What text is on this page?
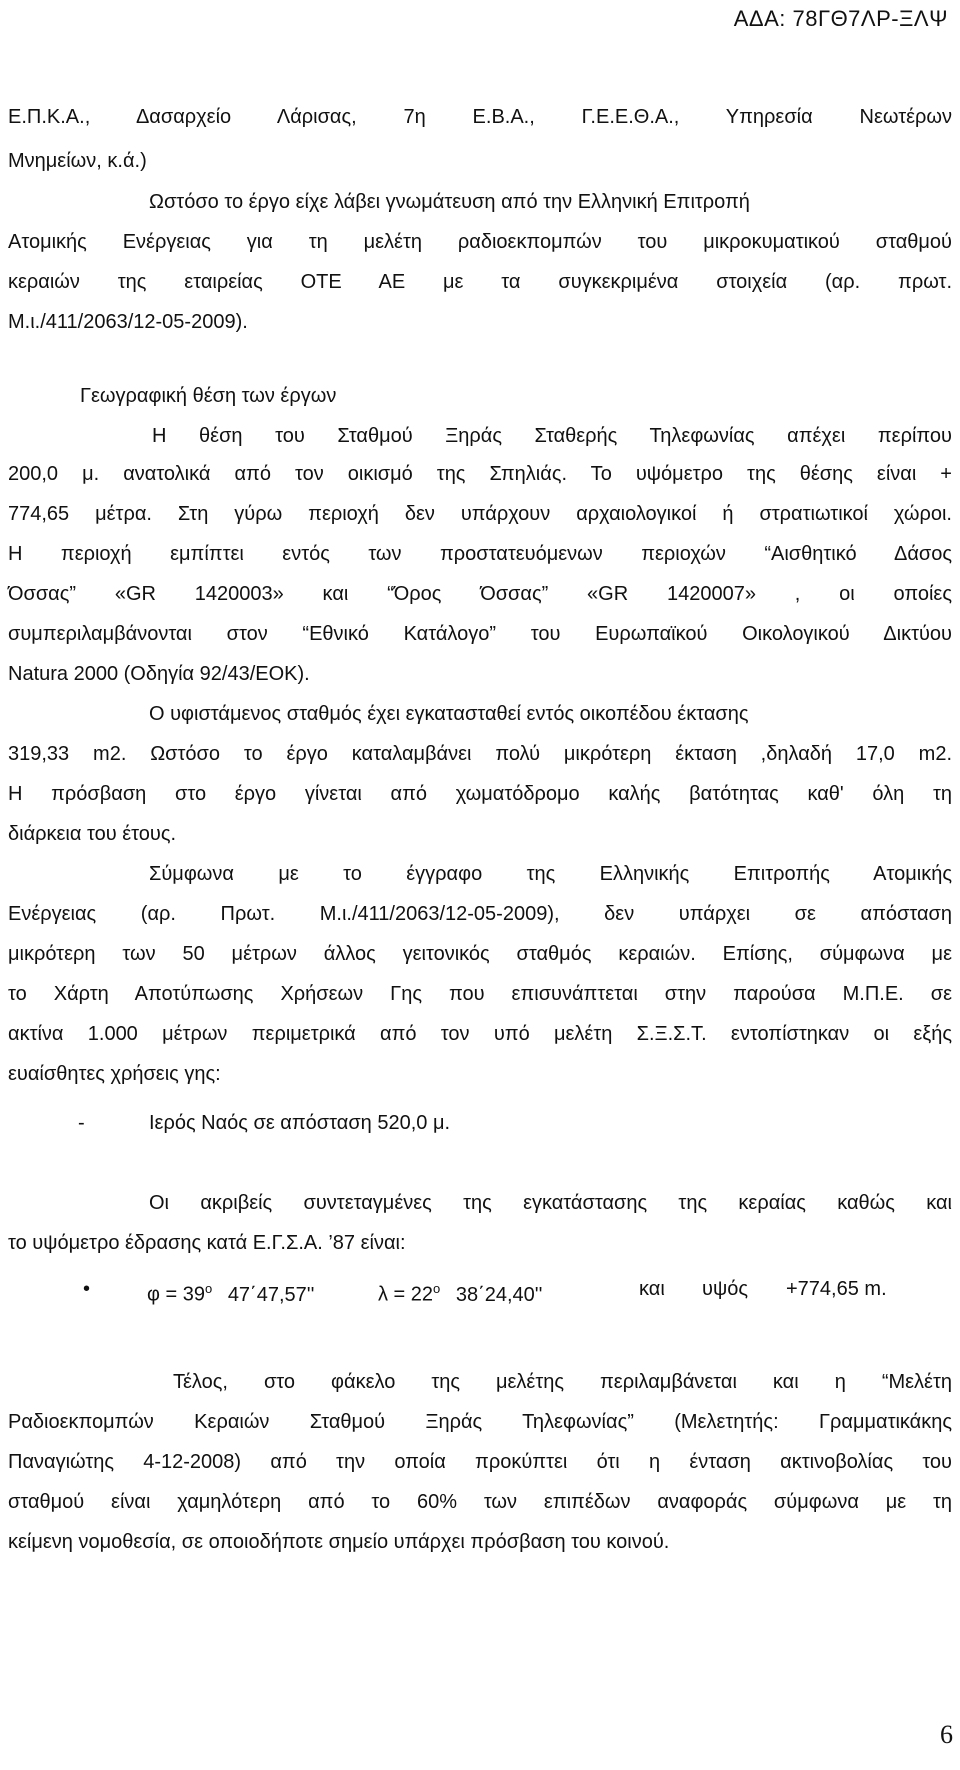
ΑΔΑ: 78ΓΘ7ΛΡ-ΞΛΨ
Ε.Π.Κ.Α., Δασαρχείο Λάρισας, 7η Ε.Β.Α., Γ.Ε.Ε.Θ.Α., Υπηρεσία Νεωτέρων
Μνημείων, κ.ά.)
Ωστόσο το έργο είχε λάβει γνωμάτευση από την Ελληνική Επιτροπή
Ατομικής Ενέργειας για τη μελέτη ραδιοεκπομπών του μικροκυματικού σταθμού
κεραιών της εταιρείας ΟΤΕ ΑΕ με τα συγκεκριμένα στοιχεία (αρ. πρωτ.
Μ.ι./411/2063/12-05-2009).
Γεωγραφική θέση των έργων
Η θέση του Σταθμού Ξηράς Σταθερής Τηλεφωνίας απέχει περίπου
200,0 μ. ανατολικά από τον οικισμό της Σπηλιάς. Το υψόμετρο της θέσης είναι +
774,65 μέτρα. Στη γύρω περιοχή δεν υπάρχουν αρχαιολογικοί ή στρατιωτικοί χώροι.
Η περιοχή εμπίπτει εντός των προστατευόμενων περιοχών “Αισθητικό Δάσος
Όσσας” «GR 1420003» και “Όρος Όσσας” «GR 1420007» , οι οποίες
συμπεριλαμβάνονται στον “Εθνικό Κατάλογο” του Ευρωπαϊκού Οικολογικού Δικτύου
Natura 2000 (Οδηγία 92/43/ΕΟΚ).
Ο υφιστάμενος σταθμός έχει εγκατασταθεί εντός οικοπέδου έκτασης
319,33 m2. Ωστόσο το έργο καταλαμβάνει πολύ μικρότερη έκταση ,δηλαδή 17,0 m2.
Η πρόσβαση στο έργο γίνεται από χωματόδρομο καλής βατότητας καθ' όλη τη
διάρκεια του έτους.
Σύμφωνα με το έγγραφο της Ελληνικής Επιτροπής Ατομικής
Ενέργειας (αρ. Πρωτ. Μ.ι./411/2063/12-05-2009), δεν υπάρχει σε απόσταση
μικρότερη των 50 μέτρων άλλος γειτονικός σταθμός κεραιών. Επίσης, σύμφωνα με
το Χάρτη Αποτύπωσης Χρήσεων Γης που επισυνάπτεται στην παρούσα Μ.Π.Ε. σε
ακτίνα 1.000 μέτρων περιμετρικά από τον υπό μελέτη Σ.Ξ.Σ.Τ. εντοπίστηκαν οι εξής
ευαίσθητες χρήσεις γης:
-	Ιερός Ναός σε απόσταση 520,0 μ.
Οι ακριβείς συντεταγμένες της εγκατάστασης της κεραίας καθώς και
το υψόμετρο έδρασης κατά Ε.Γ.Σ.Α. ’87 είναι:
•	$\varphi = 39^o$ 47΄47,57''	$\lambda = 22^o$ 38΄24,40''	και	υψός	+774,65 m.
Τέλος, στο φάκελο της μελέτης περιλαμβάνεται και η “Μελέτη
Ραδιοεκπομπών Κεραιών Σταθμού Ξηράς Τηλεφωνίας” (Μελετητής: Γραμματικάκης
Παναγιώτης 4-12-2008) από την οποία προκύπτει ότι η ένταση ακτινοβολίας του
σταθμού είναι χαμηλότερη από το 60% των επιπέδων αναφοράς σύμφωνα με τη
κείμενη νομοθεσία, σε οποιοδήποτε σημείο υπάρχει πρόσβαση του κοινού.
6
